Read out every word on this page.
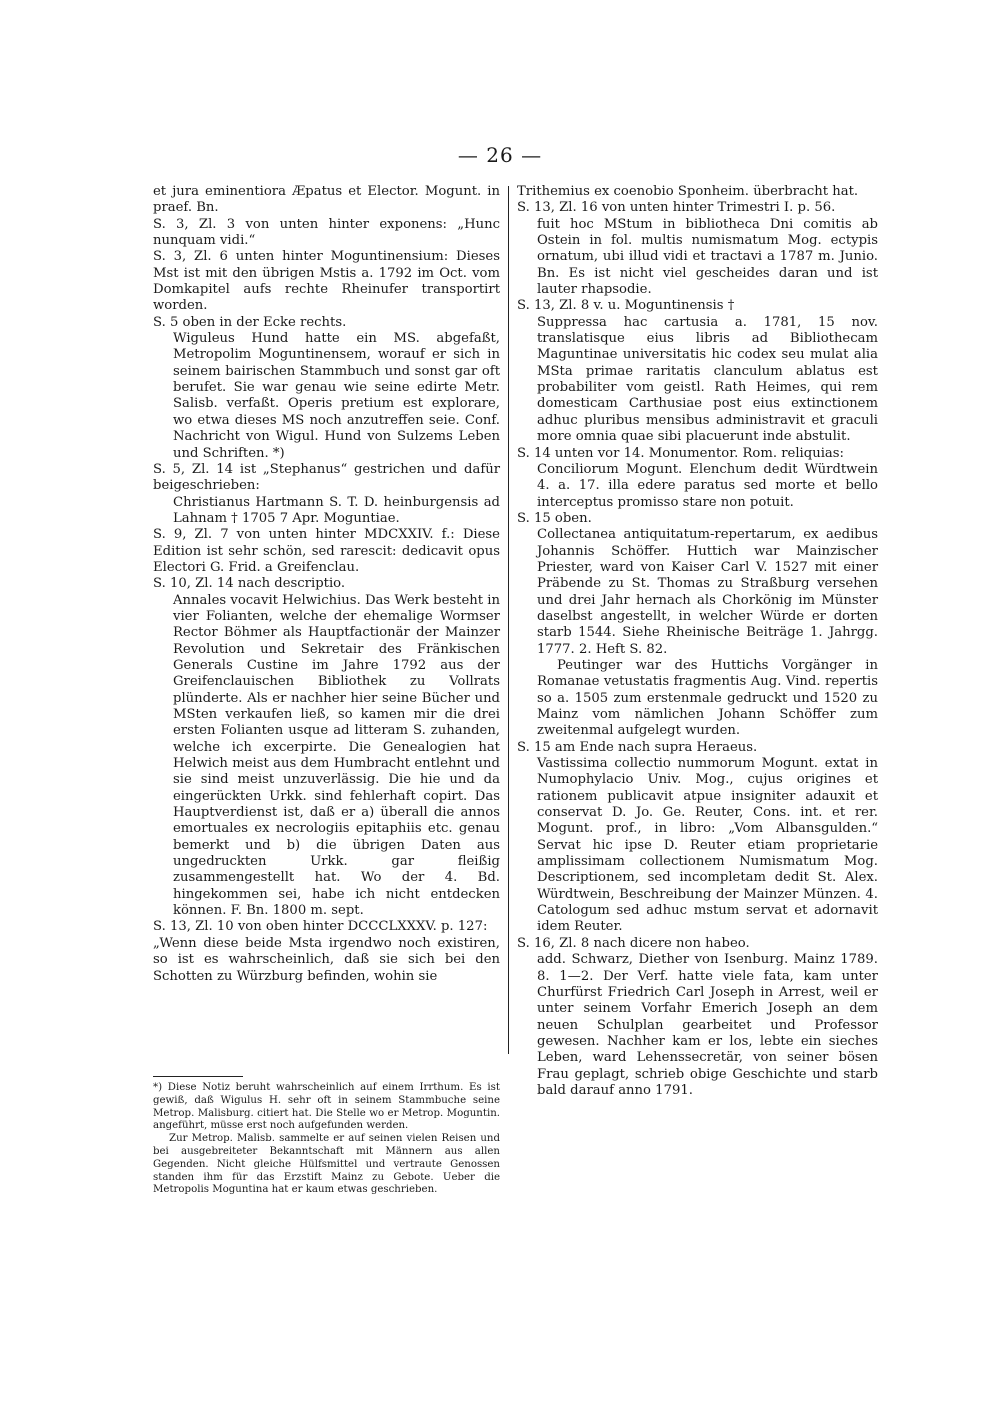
— 26 —

et jura eminentiora Æpatus et Elector. Mogunt. in praef. Bn.

S. 3, Zl. 3 von unten hinter exponens: „Hunc nunquam vidi.“

S. 3, Zl. 6 unten hinter Moguntinensium: Dieses Mst ist mit den übrigen Mstis a. 1792 im Oct. vom Domkapitel aufs rechte Rheinufer transportirt worden.

S. 5 oben in der Ecke rechts.

Wiguleus Hund hatte ein MS. abgefaßt, Metropolim Moguntinensem, worauf er sich in seinem bairischen Stammbuch und sonst gar oft berufet. Sie war genau wie seine edirte Metr. Salisb. verfaßt. Operis pretium est explorare, wo etwa dieses MS noch anzutreffen seie. Conf. Nachricht von Wigul. Hund von Sulzems Leben und Schriften. *)

S. 5, Zl. 14 ist „Stephanus“ gestrichen und dafür beigeschrieben:

Christianus Hartmann S. T. D. heinburgensis ad Lahnam † 1705 7 Apr. Moguntiae.

S. 9, Zl. 7 von unten hinter MDCXXIV. f.: Diese Edition ist sehr schön, sed rarescit: dedicavit opus Electori G. Frid. a Greifenclau.

S. 10, Zl. 14 nach descriptio.

Annales vocavit Helwichius. Das Werk besteht in vier Folianten, welche der ehemalige Wormser Rector Böhmer als Hauptfactionär der Mainzer Revolution und Sekretair des Fränkischen Generals Custine im Jahre 1792 aus der Greifenclauischen Bibliothek zu Vollrats plünderte. Als er nachher hier seine Bücher und MSten verkaufen ließ, so kamen mir die drei ersten Folianten usque ad litteram S. zuhanden, welche ich excerpirte. Die Genealogien hat Helwich meist aus dem Humbracht entlehnt und sie sind meist unzuverlässig. Die hie und da eingerückten Urkk. sind fehlerhaft copirt. Das Hauptverdienst ist, daß er a) überall die annos emortuales ex necrologiis epitaphiis etc. genau bemerkt und b) die übrigen Daten aus ungedruckten Urkk. gar fleißig zusammengestellt hat. Wo der 4. Bd. hingekommen sei, habe ich nicht entdecken können. F. Bn. 1800 m. sept.

S. 13, Zl. 10 von oben hinter DCCCLXXXV. p. 127:

„Wenn diese beide Msta irgendwo noch existiren, so ist es wahrscheinlich, daß sie sich bei den Schotten zu Würzburg befinden, wohin sie

Trithemius ex coenobio Sponheim. überbracht hat.

S. 13, Zl. 16 von unten hinter Trimestri I. p. 56.

fuit hoc MStum in bibliotheca Dni comitis ab Ostein in fol. multis numismatum Mog. ectypis ornatum, ubi illud vidi et tractavi a 1787 m. Junio. Bn. Es ist nicht viel gescheides daran und ist lauter rhapsodie.

S. 13, Zl. 8 v. u. Moguntinensis †

Suppressa hac cartusia a. 1781, 15 nov. translatisque eius libris ad Bibliothecam Maguntinae universitatis hic codex seu mulat alia MSta primae raritatis clanculum ablatus est probabiliter vom geistl. Rath Heimes, qui rem domesticam Carthusiae post eius extinctionem adhuc pluribus mensibus administravit et graculi more omnia quae sibi placuerunt inde abstulit.

S. 14 unten vor 14. Monumentor. Rom. reliquias:

Conciliorum Mogunt. Elenchum dedit Würdtwein 4. a. 17. illa edere paratus sed morte et bello interceptus promisso stare non potuit.

S. 15 oben.

Collectanea antiquitatum-repertarum, ex aedibus Johannis Schöffer. Huttich war Mainzischer Priester, ward von Kaiser Carl V. 1527 mit einer Präbende zu St. Thomas zu Straßburg versehen und drei Jahr hernach als Chorkönig im Münster daselbst angestellt, in welcher Würde er dorten starb 1544. Siehe Rheinische Beiträge 1. Jahrgg. 1777. 2. Heft S. 82.

Peutinger war des Huttichs Vorgänger in Romanae vetustatis fragmentis Aug. Vind. repertis so a. 1505 zum erstenmale gedruckt und 1520 zu Mainz vom nämlichen Johann Schöffer zum zweitenmal aufgelegt wurden.

S. 15 am Ende nach supra Heraeus.

Vastissima collectio nummorum Mogunt. extat in Numophylacio Univ. Mog., cujus origines et rationem publicavit atpue insigniter adauxit et conservat D. Jo. Ge. Reuter, Cons. int. et rer. Mogunt. prof., in libro: „Vom Albansgulden.“ Servat hic ipse D. Reuter etiam proprietarie amplissimam collectionem Numismatum Mog. Descriptionem, sed incompletam dedit St. Alex. Würdtwein, Beschreibung der Mainzer Münzen. 4. Catologum sed adhuc mstum servat et adornavit idem Reuter.

S. 16, Zl. 8 nach dicere non habeo.

add. Schwarz, Diether von Isenburg. Mainz 1789. 8. 1—2. Der Verf. hatte viele fata, kam unter Churfürst Friedrich Carl Joseph in Arrest, weil er unter seinem Vorfahr Emerich Joseph an dem neuen Schulplan gearbeitet und Professor gewesen. Nachher kam er los, lebte ein sieches Leben, ward Lehenssecretär, von seiner bösen Frau geplagt, schrieb obige Geschichte und starb bald darauf anno 1791.

*) Diese Notiz beruht wahrscheinlich auf einem Irrthum. Es ist gewiß, daß Wigulus H. sehr oft in seinem Stammbuche seine Metrop. Malisburg. citiert hat. Die Stelle wo er Metrop. Moguntin. angeführt, müsse erst noch aufgefunden werden.

Zur Metrop. Malisb. sammelte er auf seinen vielen Reisen und bei ausgebreiteter Bekanntschaft mit Männern aus allen Gegenden. Nicht gleiche Hülfsmittel und vertraute Genossen standen ihm für das Erzstift Mainz zu Gebote. Ueber die Metropolis Moguntina hat er kaum etwas geschrieben.
